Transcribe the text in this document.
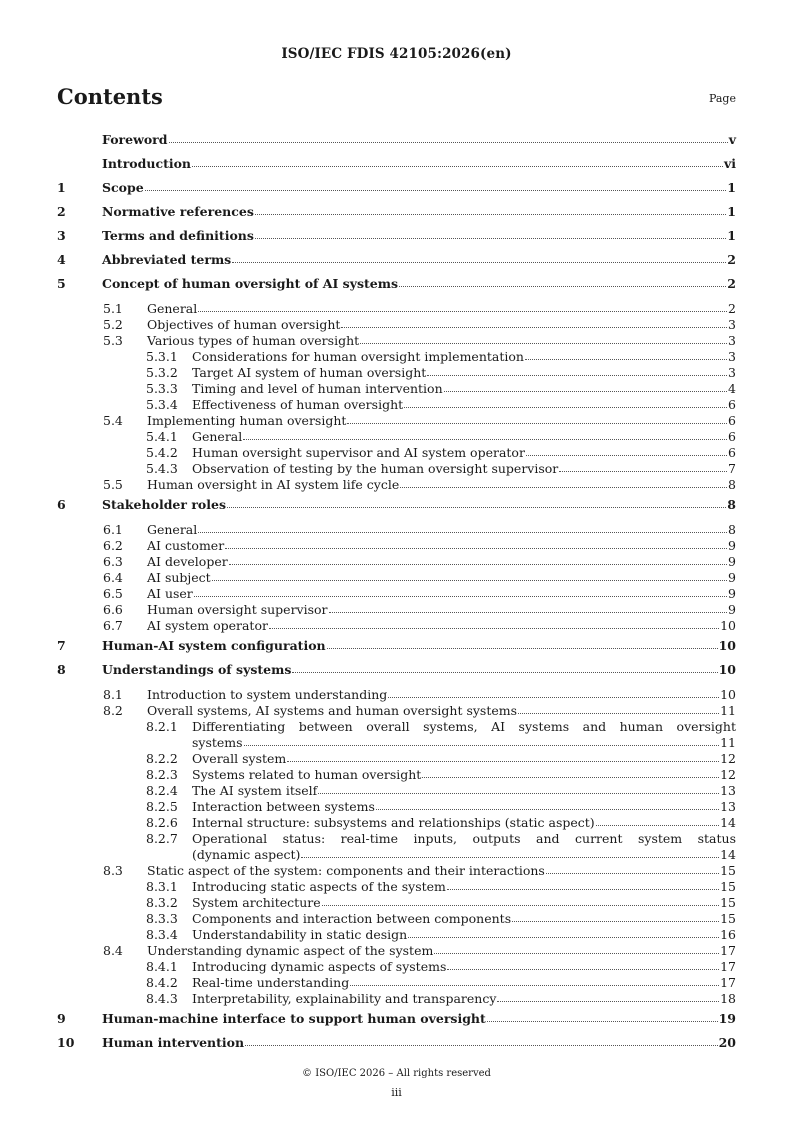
ISO/IEC FDIS 42105:2026(en)
Contents	Page
Foreword	v
Introduction	vi
1	Scope	1
2	Normative references	1
3	Terms and definitions	1
4	Abbreviated terms	2
5	Concept of human oversight of AI systems	2
5.1	General	2
5.2	Objectives of human oversight	3
5.3	Various types of human oversight	3
5.3.1	Considerations for human oversight implementation	3
5.3.2	Target AI system of human oversight	3
5.3.3	Timing and level of human intervention	4
5.3.4	Effectiveness of human oversight	6
5.4	Implementing human oversight	6
5.4.1	General	6
5.4.2	Human oversight supervisor and AI system operator	6
5.4.3	Observation of testing by the human oversight supervisor	7
5.5	Human oversight in AI system life cycle	8
6	Stakeholder roles	8
6.1	General	8
6.2	AI customer	9
6.3	AI developer	9
6.4	AI subject	9
6.5	AI user	9
6.6	Human oversight supervisor	9
6.7	AI system operator	10
7	Human-AI system configuration	10
8	Understandings of systems	10
8.1	Introduction to system understanding	10
8.2	Overall systems, AI systems and human oversight systems	11
8.2.1	Differentiating between overall systems, AI systems and human oversight
systems	11
8.2.2	Overall system	12
8.2.3	Systems related to human oversight	12
8.2.4	The AI system itself	13
8.2.5	Interaction between systems	13
8.2.6	Internal structure: subsystems and relationships (static aspect)	14
8.2.7	Operational status: real-time inputs, outputs and current system status
(dynamic aspect)	14
8.3	Static aspect of the system: components and their interactions	15
8.3.1	Introducing static aspects of the system	15
8.3.2	System architecture	15
8.3.3	Components and interaction between components	15
8.3.4	Understandability in static design	16
8.4	Understanding dynamic aspect of the system	17
8.4.1	Introducing dynamic aspects of systems	17
8.4.2	Real-time understanding	17
8.4.3	Interpretability, explainability and transparency	18
9	Human-machine interface to support human oversight	19
10	Human intervention	20
© ISO/IEC 2026 – All rights reserved
iii
